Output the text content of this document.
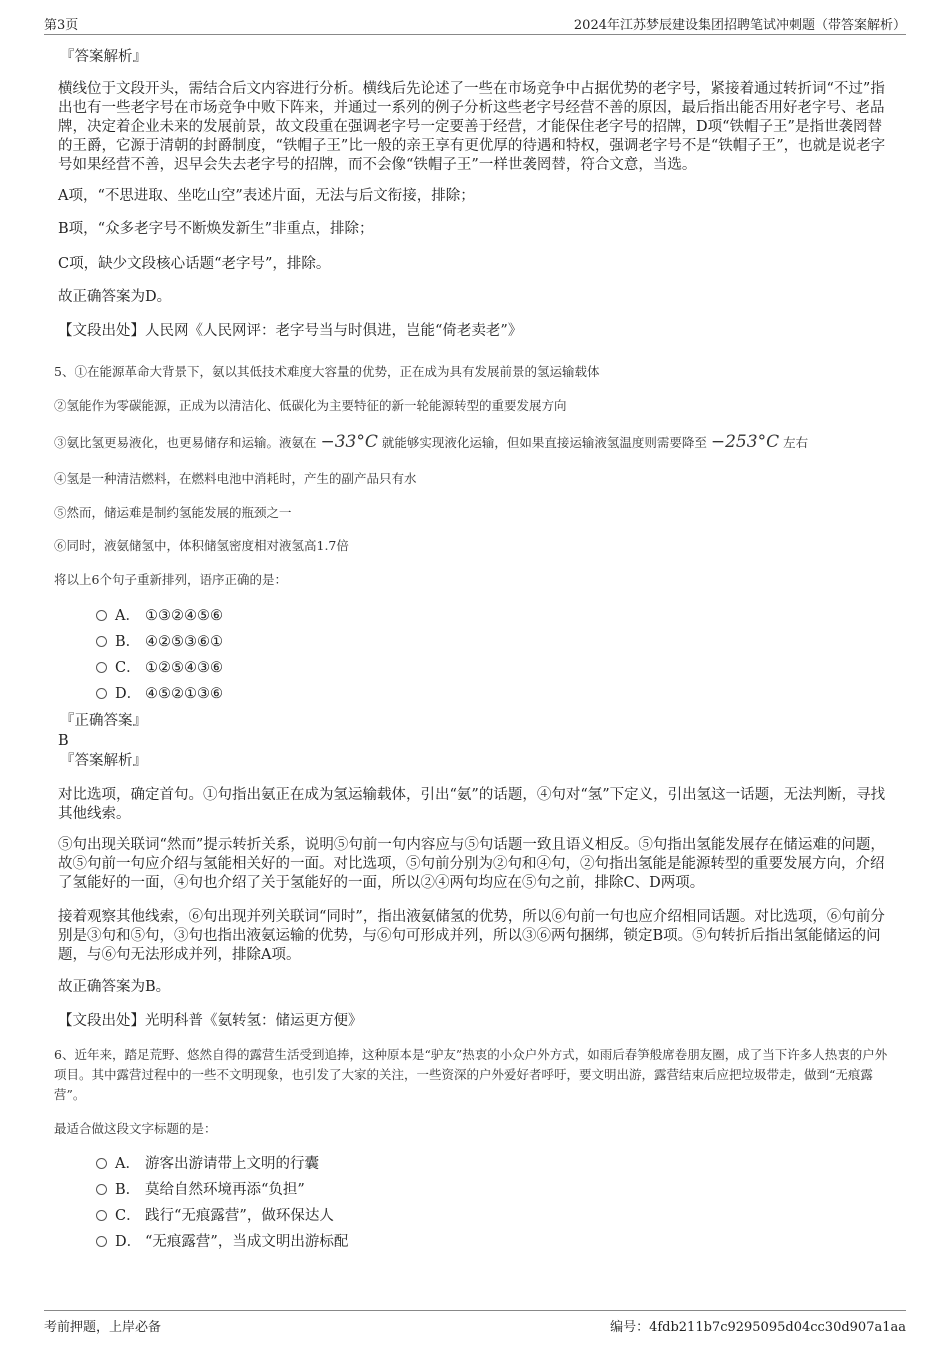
第3页	2024年江苏梦辰建设集团招聘笔试冲刺题（带答案解析）
『答案解析』
横线位于文段开头，需结合后文内容进行分析。横线后先论述了一些在市场竞争中占据优势的老字号，紧接着通过转折词“不过”指出也有一些老字号在市场竞争中败下阵来，并通过一系列的例子分析这些老字号经营不善的原因，最后指出能否用好老字号、老品牌，决定着企业未来的发展前景，故文段重在强调老字号一定要善于经营，才能保住老字号的招牌，D项“铁帽子王”是指世袭罔替的王爵，它源于清朝的封爵制度，“铁帽子王”比一般的亲王享有更优厚的待遇和特权，强调老字号不是“铁帽子王”，也就是说老字号如果经营不善，迟早会失去老字号的招牌，而不会像“铁帽子王”一样世袭罔替，符合文意，当选。
A项，“不思进取、坐吃山空”表述片面，无法与后文衔接，排除；
B项，“众多老字号不断焕发新生”非重点，排除；
C项，缺少文段核心话题“老字号”，排除。
故正确答案为D。
【文段出处】人民网《人民网评：老字号当与时俱进，岂能“倚老卖老”》
5、①在能源革命大背景下，氨以其低技术难度大容量的优势，正在成为具有发展前景的氢运输载体
②氢能作为零碳能源，正成为以清洁化、低碳化为主要特征的新一轮能源转型的重要发展方向
③氨比氢更易液化，也更易储存和运输。液氨在 −33°C 就能够实现液化运输，但如果直接运输液氢温度则需要降至 −253°C 左右
④氢是一种清洁燃料，在燃料电池中消耗时，产生的副产品只有水
⑤然而，储运难是制约氢能发展的瓶颈之一
⑥同时，液氨储氢中，体积储氢密度相对液氢高1.7倍
将以上6个句子重新排列，语序正确的是：
A． ①③②④⑤⑥
B． ④②⑤③⑥①
C． ①②⑤④③⑥
D． ④⑤②①③⑥
『正确答案』
B
『答案解析』
对比选项，确定首句。①句指出氨正在成为氢运输载体，引出“氨”的话题，④句对“氢”下定义，引出氢这一话题，无法判断，寻找其他线索。
⑤句出现关联词“然而”提示转折关系，说明⑤句前一句内容应与⑤句话题一致且语义相反。⑤句指出氢能发展存在储运难的问题，故⑤句前一句应介绍与氢能相关好的一面。对比选项，⑤句前分别为②句和④句，②句指出氢能是能源转型的重要发展方向，介绍了氢能好的一面，④句也介绍了关于氢能好的一面，所以②④两句均应在⑤句之前，排除C、D两项。
接着观察其他线索，⑥句出现并列关联词“同时”，指出液氨储氢的优势，所以⑥句前一句也应介绍相同话题。对比选项，⑥句前分别是③句和⑤句，③句也指出液氨运输的优势，与⑥句可形成并列，所以③⑥两句捆绑，锁定B项。⑤句转折后指出氢能储运的问题，与⑥句无法形成并列，排除A项。
故正确答案为B。
【文段出处】光明科普《氨转氢：储运更方便》
6、近年来，踏足荒野、悠然自得的露营生活受到追捧，这种原本是“驴友”热衷的小众户外方式，如雨后春笋般席卷朋友圈，成了当下许多人热衷的户外项目。其中露营过程中的一些不文明现象，也引发了大家的关注，一些资深的户外爱好者呼吁，要文明出游，露营结束后应把垃圾带走，做到“无痕露营”。
最适合做这段文字标题的是：
A． 游客出游请带上文明的行囊
B． 莫给自然环境再添“负担”
C． 践行“无痕露营”，做环保达人
D． “无痕露营”，当成文明出游标配
考前押题，上岸必备	编号：4fdb211b7c9295095d04cc30d907a1aa
